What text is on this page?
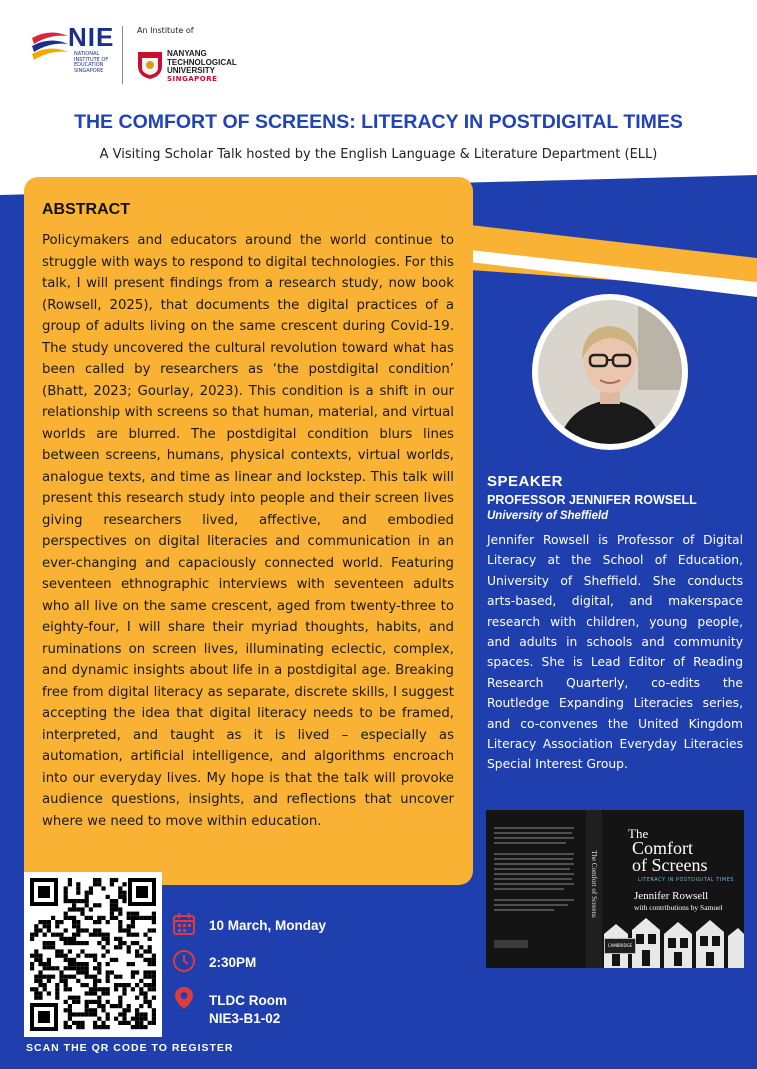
NIE
NATIONAL INSTITUTE OF EDUCATION SINGAPORE
An Institute of
NANYANG
TECHNOLOGICAL
UNIVERSITY
SINGAPORE
THE COMFORT OF SCREENS: LITERACY IN POSTDIGITAL TIMES
A Visiting Scholar Talk hosted by the English Language & Literature Department (ELL)
ABSTRACT
Policymakers and educators around the world continue to struggle with ways to respond to digital technologies. For this talk, I will present findings from a research study, now book (Rowsell, 2025), that documents the digital practices of a group of adults living on the same crescent during Covid-19. The study uncovered the cultural revolution toward what has been called by researchers as ‘the postdigital condition’ (Bhatt, 2023; Gourlay, 2023). This condition is a shift in our relationship with screens so that human, material, and virtual worlds are blurred. The postdigital condition blurs lines between screens, humans, physical contexts, virtual worlds, analogue texts, and time as linear and lockstep. This talk will present this research study into people and their screen lives giving researchers lived, affective, and embodied perspectives on digital literacies and communication in an ever-changing and capaciously connected world. Featuring seventeen ethnographic interviews with seventeen adults who all live on the same crescent, aged from twenty-three to eighty-four, I will share their myriad thoughts, habits, and ruminations on screen lives, illuminating eclectic, complex, and dynamic insights about life in a postdigital age. Breaking free from digital literacy as separate, discrete skills, I suggest accepting the idea that digital literacy needs to be framed, interpreted, and taught as it is lived – especially as automation, artificial intelligence, and algorithms encroach into our everyday lives. My hope is that the talk will provoke audience questions, insights, and reflections that uncover where we need to move within education.
SPEAKER
PROFESSOR JENNIFER ROWSELL
University of Sheffield
Jennifer Rowsell is Professor of Digital Literacy at the School of Education, University of Sheffield. She conducts arts-based, digital, and makerspace research with children, young people, and adults in schools and community spaces. She is Lead Editor of Reading Research Quarterly, co-edits the Routledge Expanding Literacies series, and co-convenes the United Kingdom Literacy Association Everyday Literacies Special Interest Group.
The Comfort of Screens
The
Comfort
of Screens
LITERACY IN POSTDIGITAL TIMES
Jennifer Rowsell
with contributions by Samuel
CAMBRIDGE
SCAN THE QR CODE TO REGISTER
10 March, Monday
2:30PM
TLDC Room
NIE3-B1-02
